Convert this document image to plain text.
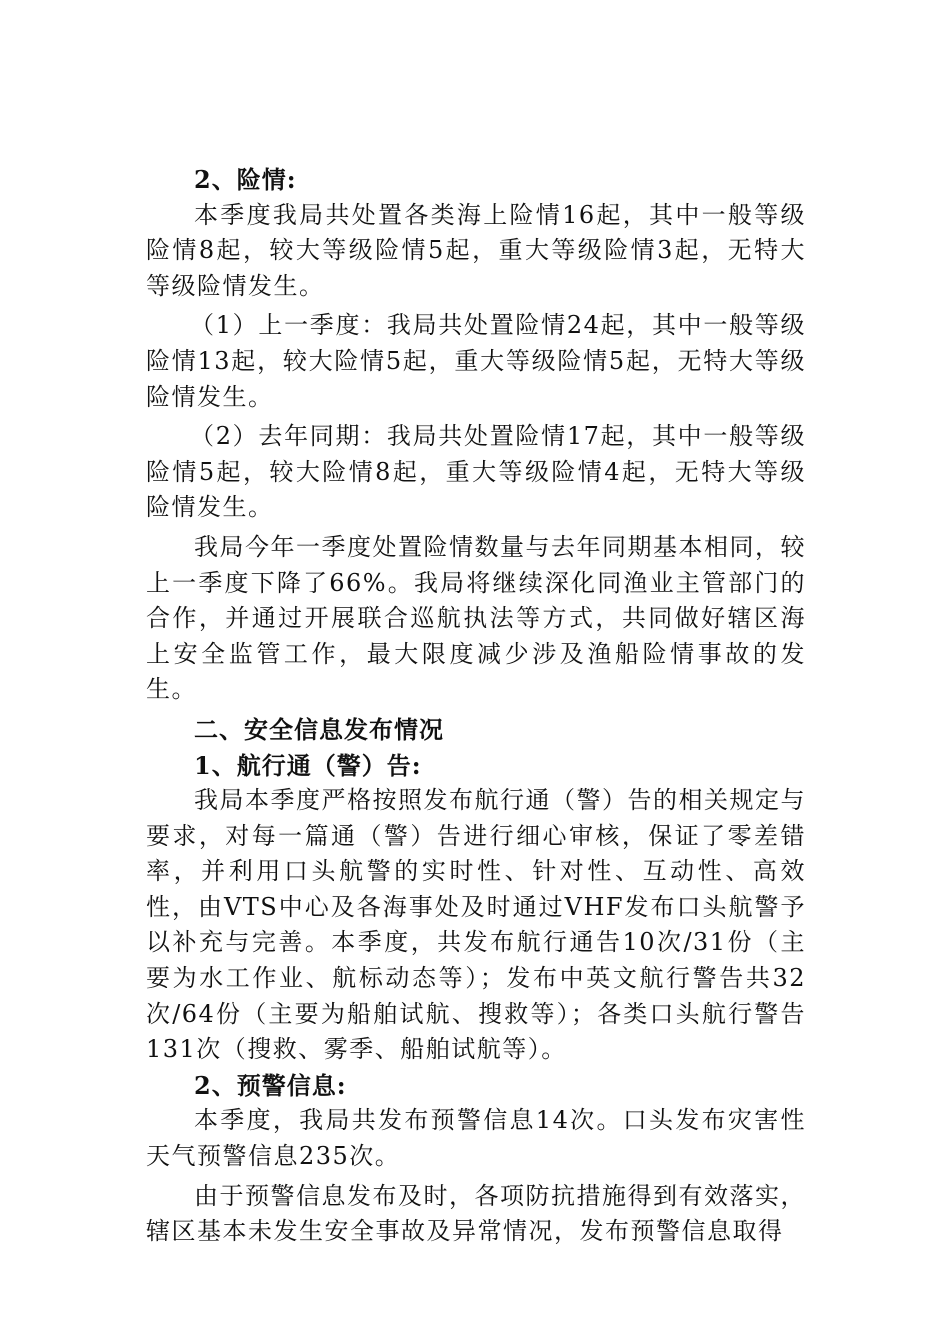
2、险情:

本季度我局共处置各类海上险情16起，其中一般等级险情8起，较大等级险情5起，重大等级险情3起，无特大等级险情发生。

（1）上一季度：我局共处置险情24起，其中一般等级险情13起，较大险情5起，重大等级险情5起，无特大等级险情发生。

（2）去年同期：我局共处置险情17起，其中一般等级险情5起，较大险情8起，重大等级险情4起，无特大等级险情发生。

我局今年一季度处置险情数量与去年同期基本相同，较上一季度下降了66%。我局将继续深化同渔业主管部门的合作，并通过开展联合巡航执法等方式，共同做好辖区海上安全监管工作，最大限度减少涉及渔船险情事故的发生。

二、安全信息发布情况

1、航行通（警）告:

我局本季度严格按照发布航行通（警）告的相关规定与要求，对每一篇通（警）告进行细心审核，保证了零差错率，并利用口头航警的实时性、针对性、互动性、高效性，由VTS中心及各海事处及时通过VHF发布口头航警予以补充与完善。本季度，共发布航行通告10次/31份（主要为水工作业、航标动态等）；发布中英文航行警告共32次/64份（主要为船舶试航、搜救等）；各类口头航行警告131次（搜救、雾季、船舶试航等）。

2、预警信息:

本季度，我局共发布预警信息14次。口头发布灾害性天气预警信息235次。

由于预警信息发布及时，各项防抗措施得到有效落实，辖区基本未发生安全事故及异常情况，发布预警信息取得
